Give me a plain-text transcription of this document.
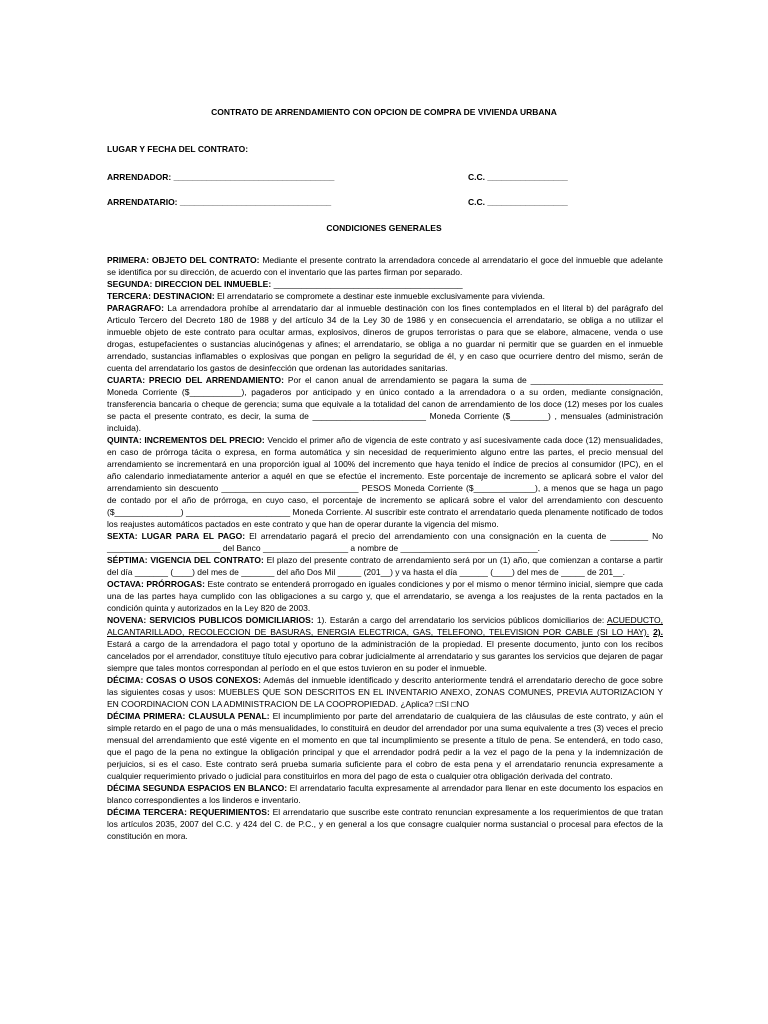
CONTRATO DE ARRENDAMIENTO CON OPCION DE COMPRA DE VIVIENDA URBANA
LUGAR Y FECHA DEL CONTRATO:
ARRENDADOR: __________________________________	C.C. _________________
ARRENDATARIO: ________________________________	C.C. _________________
CONDICIONES GENERALES

PRIMERA: OBJETO DEL CONTRATO: Mediante el presente contrato la arrendadora concede al arrendatario el goce del inmueble que adelante se identifica por su dirección, de acuerdo con el inventario que las partes firman por separado.

SEGUNDA: DIRECCION DEL INMUEBLE: ________________________________________

TERCERA: DESTINACION: El arrendatario se compromete a destinar este inmueble exclusivamente para vivienda.

PARAGRAFO: La arrendadora prohíbe al arrendatario dar al inmueble destinación con los fines contemplados en el literal b) del parágrafo del Articulo Tercero del Decreto 180 de 1988 y del artículo 34 de la Ley 30 de 1986 y en consecuencia el arrendatario, se obliga a no utilizar el inmueble objeto de este contrato para ocultar armas, explosivos, dineros de grupos terroristas o para que se elabore, almacene, venda o use drogas, estupefacientes o sustancias alucinógenas y afines; el arrendatario, se obliga a no guardar ni permitir que se guarden en el inmueble arrendado, sustancias inflamables o explosivas que pongan en peligro la seguridad de él, y en caso que ocurriere dentro del mismo, serán de cuenta del arrendatario los gastos de desinfección que ordenan las autoridades sanitarias.

CUARTA: PRECIO DEL ARRENDAMIENTO: Por el canon anual de arrendamiento se pagara la suma de ____________________________ Moneda Corriente ($___________), pagaderos por anticipado y en único contado a la arrendadora o a su orden, mediante consignación, transferencia bancaria o cheque de gerencia; suma que equivale a la totalidad del canon de arrendamiento de los doce (12) meses por los cuales se pacta el presente contrato, es decir, la suma de ________________________ Moneda Corriente ($________) , mensuales (administración incluida).

QUINTA: INCREMENTOS DEL PRECIO: Vencido el primer año de vigencia de este contrato y así sucesivamente cada doce (12) mensualidades, en caso de prórroga tácita o expresa, en forma automática y sin necesidad de requerimiento alguno entre las partes, el precio mensual del arrendamiento se incrementará en una proporción igual al 100% del incremento que haya tenido el índice de precios al consumidor (IPC), en el año calendario inmediatamente anterior a aquél en que se efectúe el incremento. Este porcentaje de incremento se aplicará sobre el valor del arrendamiento sin descuento _____________________________ PESOS Moneda Corriente ($_____________), a menos que se haga un pago de contado por el año de prórroga, en cuyo caso, el porcentaje de incremento se aplicará sobre el valor del arrendamiento con descuento ($______________) ______________________ Moneda Corriente. Al suscribir este contrato el arrendatario queda plenamente notificado de todos los reajustes automáticos pactados en este contrato y que han de operar durante la vigencia del mismo.

SEXTA: LUGAR PARA EL PAGO: El arrendatario pagará el precio del arrendamiento con una consignación en la cuenta de ________ No ________________________ del Banco __________________ a nombre de _____________________________.

SÉPTIMA: VIGENCIA DEL CONTRATO: El plazo del presente contrato de arrendamiento será por un (1) año, que comienzan a contarse a partir del día _______ (____) del mes de _______ del año Dos Mil _____ (201__) y va hasta el día ______ (____) del mes de _____ de 201__.

OCTAVA: PRÓRROGAS: Este contrato se entenderá prorrogado en iguales condiciones y por el mismo o menor término inicial, siempre que cada una de las partes haya cumplido con las obligaciones a su cargo y, que el arrendatario, se avenga a los reajustes de la renta pactados en la condición quinta y autorizados en la Ley 820 de 2003.

NOVENA: SERVICIOS PUBLICOS DOMICILIARIOS: 1). Estarán a cargo del arrendatario los servicios públicos domiciliarios de: ACUEDUCTO, ALCANTARILLADO, RECOLECCION DE BASURAS, ENERGIA ELECTRICA, GAS, TELEFONO, TELEVISION POR CABLE (SI LO HAY). 2). Estará a cargo de la arrendadora el pago total y oportuno de la administración de la propiedad. El presente documento, junto con los recibos cancelados por el arrendador, constituye título ejecutivo para cobrar judicialmente al arrendatario y sus garantes los servicios que dejaren de pagar siempre que tales montos correspondan al período en el que estos tuvieron en su poder el inmueble.

DÉCIMA: COSAS O USOS CONEXOS: Además del inmueble identificado y descrito anteriormente tendrá el arrendatario derecho de goce sobre las siguientes cosas y usos: MUEBLES QUE SON DESCRITOS EN EL INVENTARIO ANEXO, ZONAS COMUNES, PREVIA AUTORIZACION Y EN COORDINACION CON LA ADMINISTRACION DE LA COOPROPIEDAD. ¿Aplica? □SI □NO

DÉCIMA PRIMERA: CLAUSULA PENAL: El incumplimiento por parte del arrendatario de cualquiera de las cláusulas de este contrato, y aún el simple retardo en el pago de una o más mensualidades, lo constituirá en deudor del arrendador por una suma equivalente a tres (3) veces el precio mensual del arrendamiento que esté vigente en el momento en que tal incumplimiento se presente a título de pena. Se entenderá, en todo caso, que el pago de la pena no extingue la obligación principal y que el arrendador podrá pedir a la vez el pago de la pena y la indemnización de perjuicios, si es el caso. Este contrato será prueba sumaria suficiente para el cobro de esta pena y el arrendatario renuncia expresamente a cualquier requerimiento privado o judicial para constituirlos en mora del pago de esta o cualquier otra obligación derivada del contrato.

DÉCIMA SEGUNDA ESPACIOS EN BLANCO: El arrendatario faculta expresamente al arrendador para llenar en este documento los espacios en blanco correspondientes a los linderos e inventario.

DÉCIMA TERCERA: REQUERIMIENTOS: El arrendatario que suscribe este contrato renuncian expresamente a los requerimientos de que tratan los artículos 2035, 2007 del C.C. y 424 del C. de P.C., y en general a los que consagre cualquier norma sustancial o procesal para efectos de la constitución en mora.
